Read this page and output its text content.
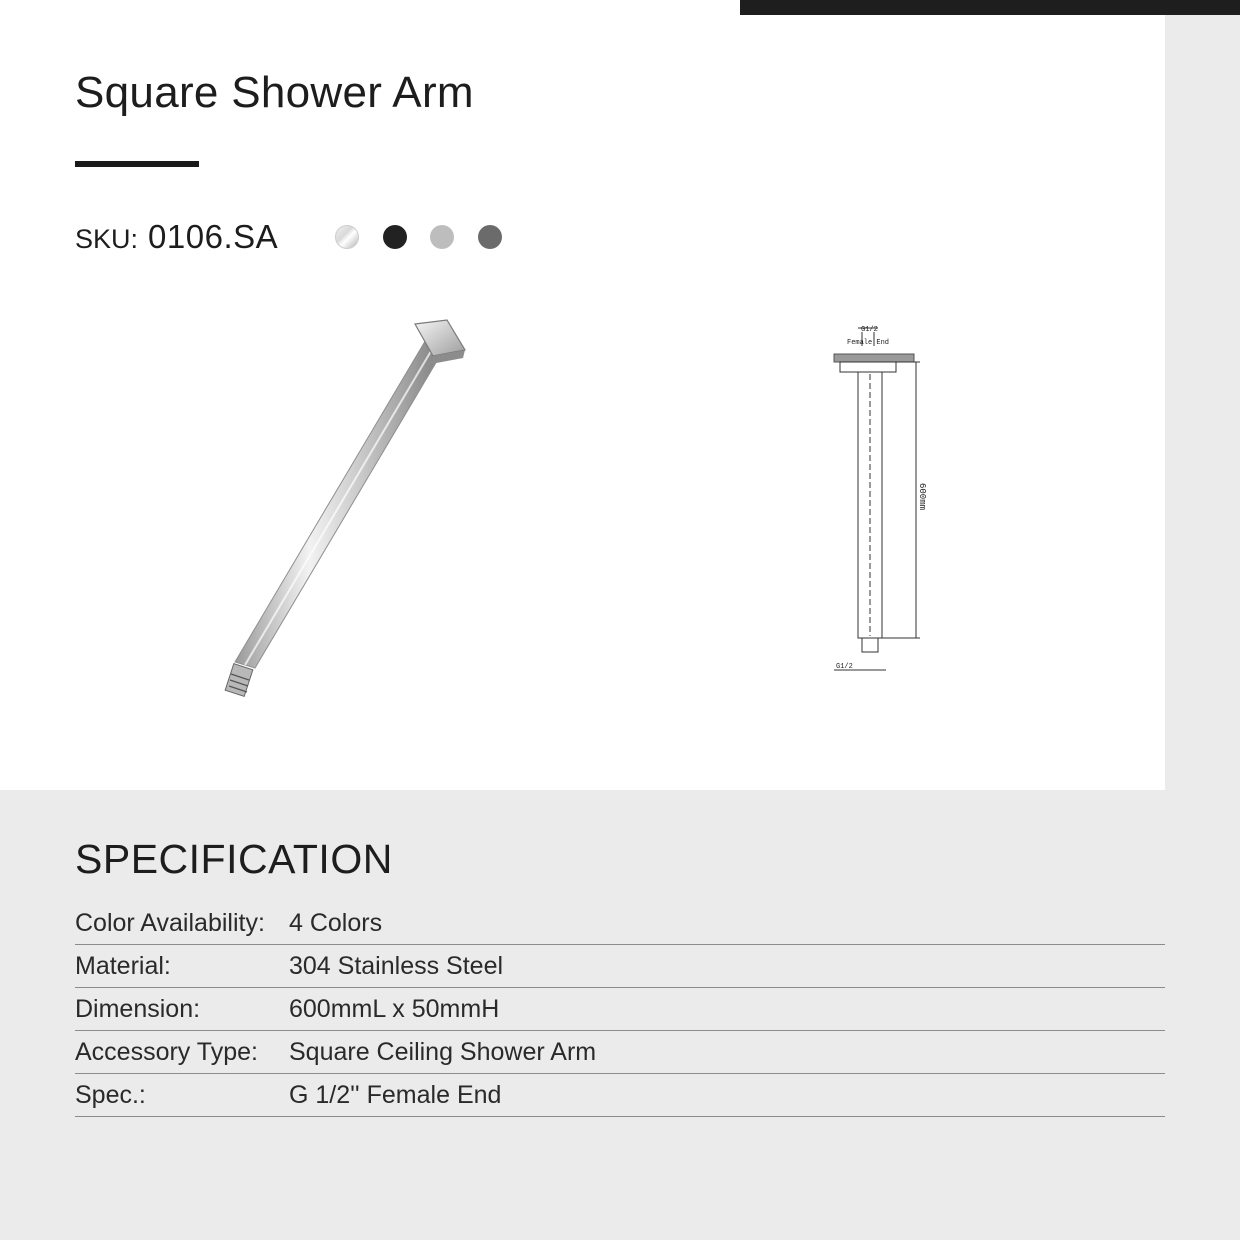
Square Shower Arm
SKU: 0106.SA
G1/2
Female End
600mm
G1/2
SPECIFICATION
Color Availability: 4 Colors
Material:	304 Stainless Steel
Dimension:	600mmL x 50mmH
Accessory Type: Square Ceiling Shower Arm
Spec.:	G 1/2'' Female End
